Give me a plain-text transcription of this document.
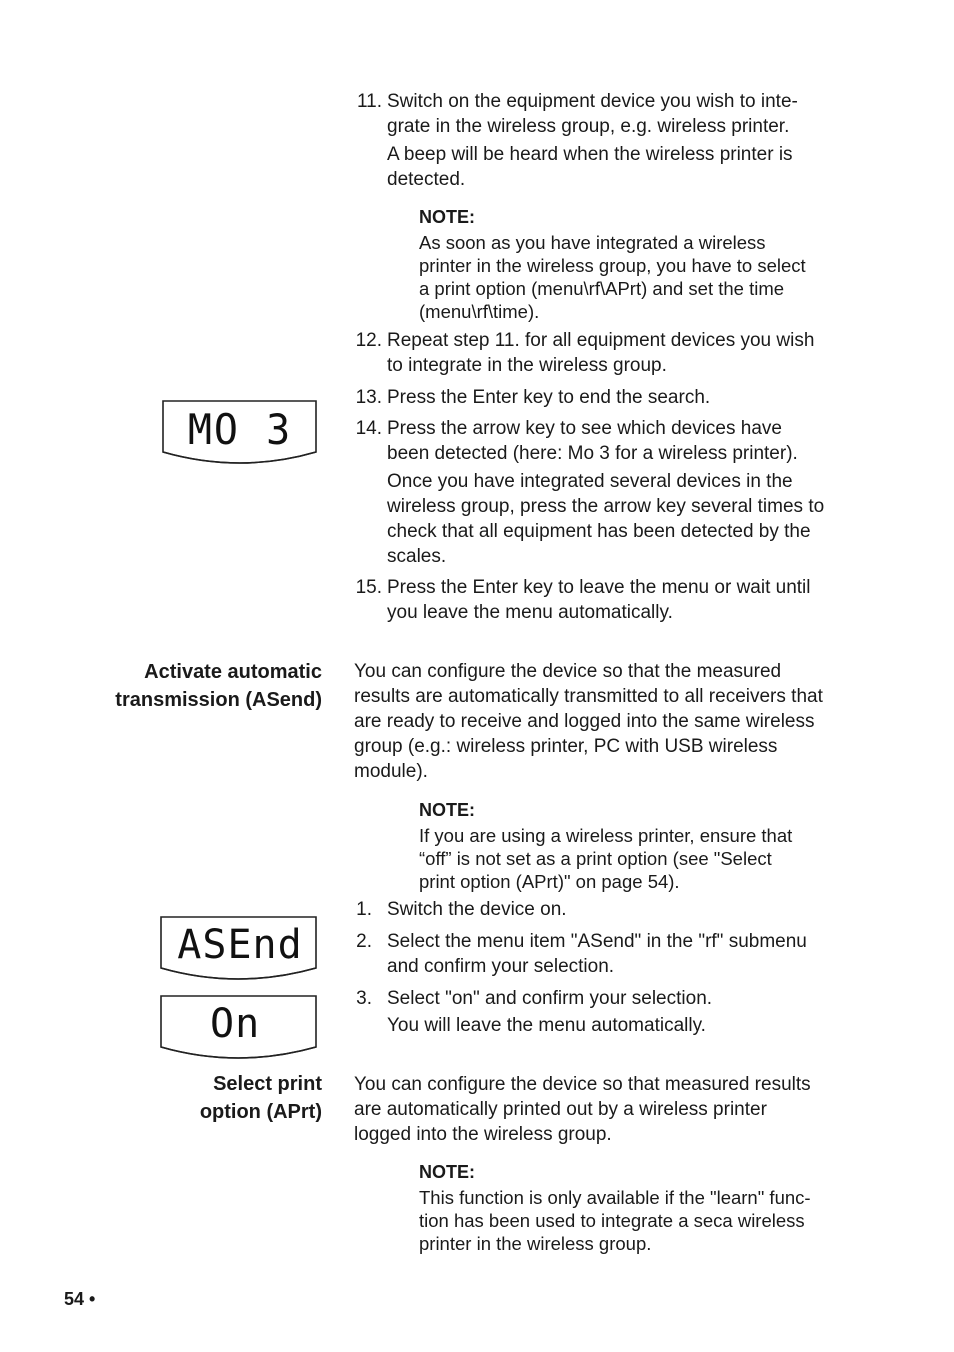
11. Switch on the equipment device you wish to inte-
grate in the wireless group, e.g. wireless printer.
A beep will be heard when the wireless printer is
detected.
NOTE:
As soon as you have integrated a wireless
printer in the wireless group, you have to select
a print option (menu\rf\APrt) and set the time
(menu\rf\time).
12. Repeat step 11. for all equipment devices you wish
to integrate in the wireless group.
13. Press the Enter key to end the search.
14. Press the arrow key to see which devices have
been detected (here: Mo 3 for a wireless printer).
Once you have integrated several devices in the
wireless group, press the arrow key several times to
check that all equipment has been detected by the
scales.
15. Press the Enter key to leave the menu or wait until
you leave the menu automatically.
MO 3
Activate automatic
transmission (ASend)
You can configure the device so that the measured
results are automatically transmitted to all receivers that
are ready to receive and logged into the same wireless
group (e.g.: wireless printer, PC with USB wireless
module).
NOTE:
If you are using a wireless printer, ensure that
“off” is not set as a print option (see "Select
print option (APrt)" on page 54).
1. Switch the device on.
2. Select the menu item "ASend" in the "rf" submenu
and confirm your selection.
3. Select "on" and confirm your selection.
You will leave the menu automatically.
ASEnd
On
Select print
option (APrt)
You can configure the device so that measured results
are automatically printed out by a wireless printer
logged into the wireless group.
NOTE:
This function is only available if the "learn" func-
tion has been used to integrate a seca wireless
printer in the wireless group.
54 •
